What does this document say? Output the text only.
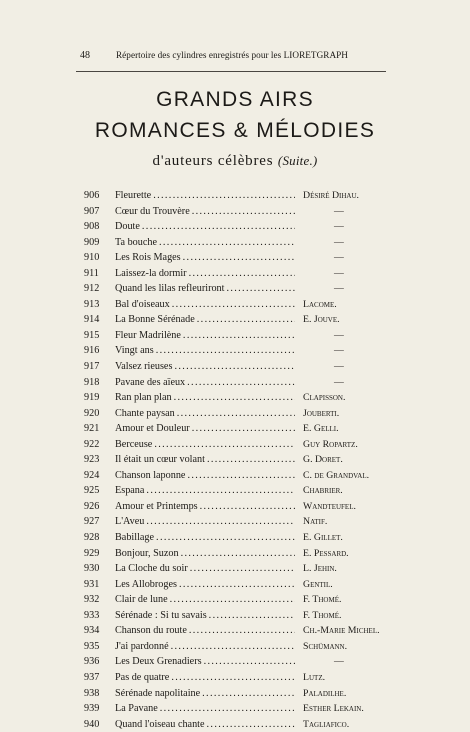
48	Répertoire des cylindres enregistrés pour les LIORETGRAPH
GRANDS AIRS
ROMANCES & MÉLODIES
d'auteurs célèbres (Suite.)
906	Fleurette . . .	Désiré Dihau.
907	Cœur du Trouvère . . .	—
908	Doute . . .	—
909	Ta bouche . . .	—
910	Les Rois Mages . . .	—
911	Laissez-la dormir . . .	—
912	Quand les lilas refleuriront . . .	—
913	Bal d'oiseaux . . .	Lacome.
914	La Bonne Sérénade . . .	E. Jouve.
915	Fleur Madrilène . . .	—
916	Vingt ans . . .	—
917	Valsez rieuses . . .	—
918	Pavane des aïeux . . .	—
919	Ran plan plan . . .	Clapisson.
920	Chante paysan . . .	Jouberti.
921	Amour et Douleur . . .	E. Gelli.
922	Berceuse . . .	Guy Ropartz.
923	Il était un cœur volant . . .	G. Doret.
924	Chanson laponne . . .	C. de Grandval.
925	Espana . . .	Chabrier.
926	Amour et Printemps . . .	Wandteufel.
927	L'Aveu . . .	Natif.
928	Babillage . . .	E. Gillet.
929	Bonjour, Suzon . . .	E. Pessard.
930	La Cloche du soir . . .	L. Jehin.
931	Les Allobroges . . .	Gentil.
932	Clair de lune . . .	F. Thomé.
933	Sérénade : Si tu savais . . .	F. Thomé.
934	Chanson du route . . .	Ch.-Marie Michel.
935	J'ai pardonné . . .	Schümann.
936	Les Deux Grenadiers . . .	—
937	Pas de quatre . . .	Lutz.
938	Sérénade napolitaine . . .	Paladilhe.
939	La Pavane . . .	Esther Lekain.
940	Quand l'oiseau chante . . .	Tagliafico.
